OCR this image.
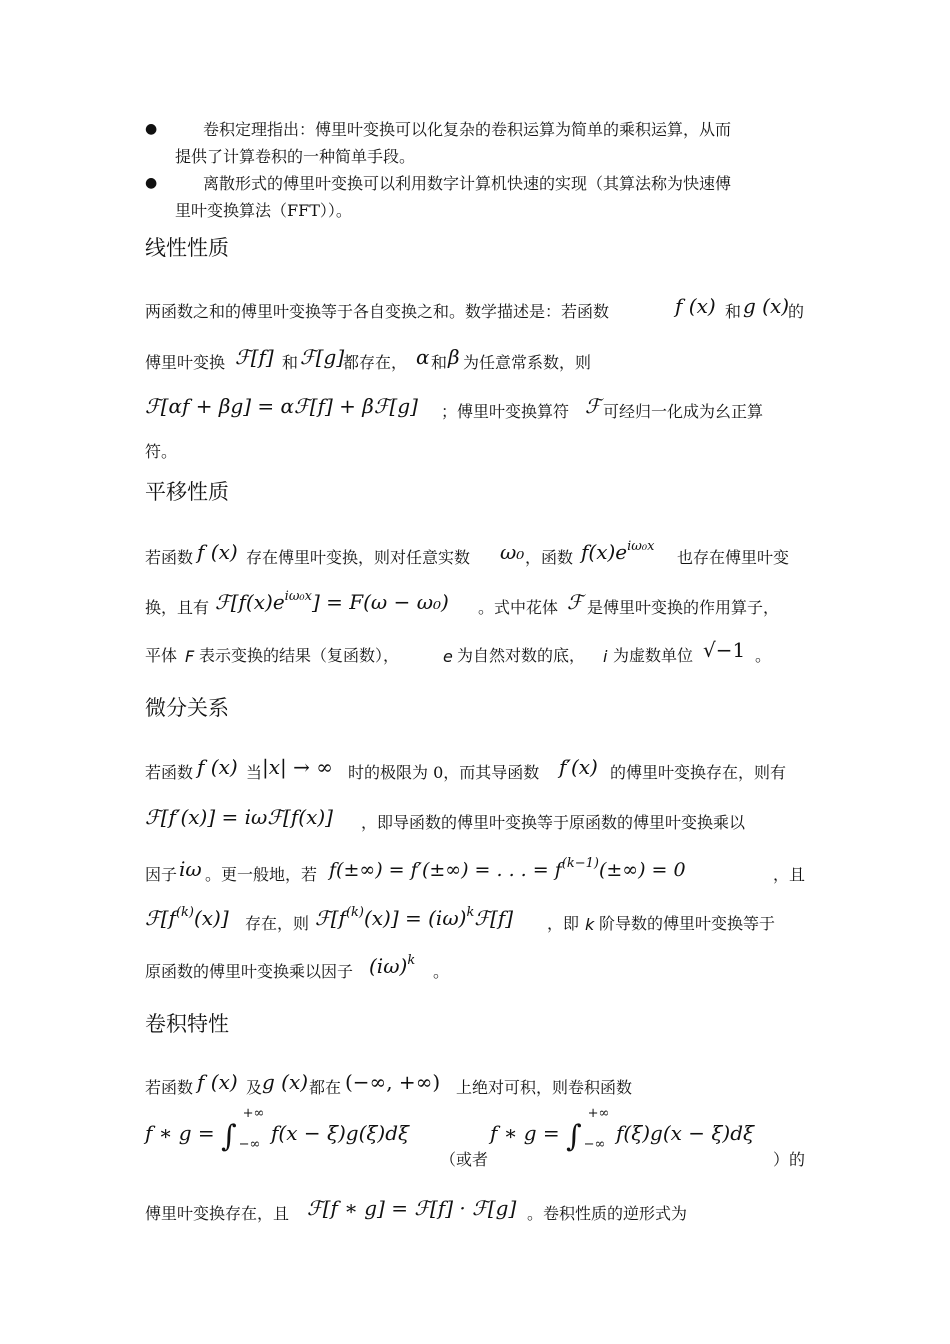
●	卷积定理指出：傅里叶变换可以化复杂的卷积运算为简单的乘积运算，从而
提供了计算卷积的一种简单手段。
●	离散形式的傅里叶变换可以利用数字计算机快速的实现（其算法称为快速傅
里叶变换算法（FFT））。
线性性质
两函数之和的傅里叶变换等于各自变换之和。数学描述是：若函数	f (x) 和 g (x)
的
傅里叶变换 ℱ[f] 和 ℱ[g]
都存在， α 和 β 为任意常系数，则
ℱ[αf + βg] = αℱ[f] + βℱ[g] ；傅里叶变换算符 ℱ 可经归一化成为幺正算
符。
平移性质
若函数 f (x) 存在傅里叶变换，则对任意实数 ω₀ ，函数 $f(x)e^{i\omega_0x}$
也存在傅里叶变
换，且有 $ℱ[f(x)e^{i\omega_0x}] = F(\omega - \omega_0)$ 。式中花体 ℱ 是傅里叶变换的作用算子，
平体 F 表示变换的结果（复函数），	e 为自然对数的底， i 为虚数单位 √−1 。
微分关系
若函数 f (x) 当 |x| → ∞ 时的极限为 0，而其导函数 f′(x) 的傅里叶变换存在，则有
ℱ[f′(x)] = iωℱ[f(x)] ，即导函数的傅里叶变换等于原函数的傅里叶变换乘以
因子 iω 。更一般地，若 f(±∞) = f′(±∞) = . . . = $f^{(k-1)}(\pm\infty) = 0$	，且
$ℱ[f^{(k)}(x)]$ 存在，则 $ℱ[f^{(k)}(x)]$ = $(i\omega)^kℱ[f]$ ，即 k 阶导数的傅里叶变换等于
原函数的傅里叶变换乘以因子 $(i\omega)^k$
。
卷积特性
若函数 f (x) 及 g (x) 都在 (−∞, +∞) 上绝对可积，则卷积函数
f ∗ g = ∫
+∞
−∞ f(x − ξ)g(ξ)dξ
（或者
f ∗ g = ∫
+∞
−∞ f(ξ)g(x − ξ)dξ
）的
傅里叶变换存在，且 ℱ[f ∗ g] = ℱ[f] · ℱ[g] 。卷积性质的逆形式为
